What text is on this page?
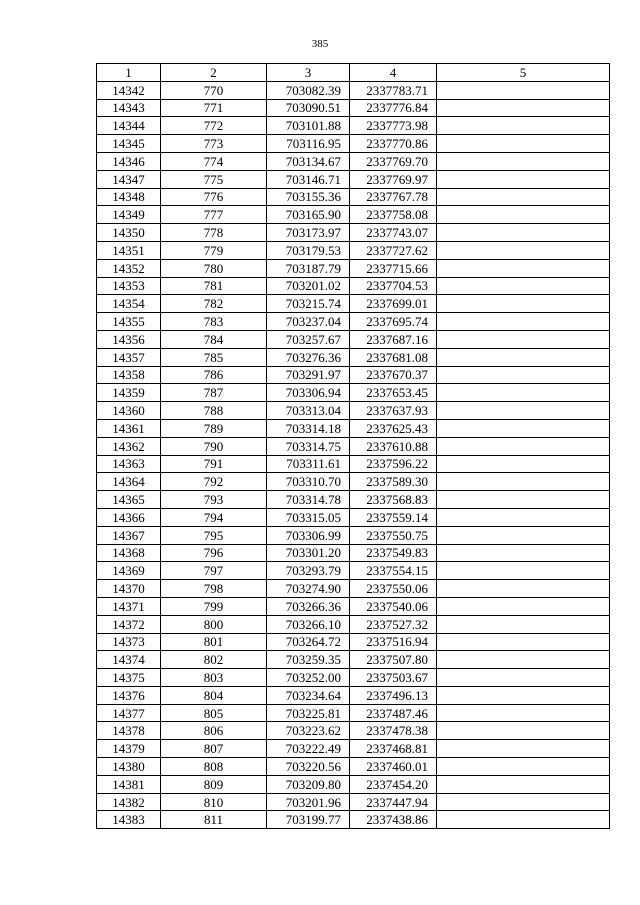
385
1	2	3	4	5
14342	770	703082.39	2337783.71	
14343	771	703090.51	2337776.84	
14344	772	703101.88	2337773.98	
14345	773	703116.95	2337770.86	
14346	774	703134.67	2337769.70	
14347	775	703146.71	2337769.97	
14348	776	703155.36	2337767.78	
14349	777	703165.90	2337758.08	
14350	778	703173.97	2337743.07	
14351	779	703179.53	2337727.62	
14352	780	703187.79	2337715.66	
14353	781	703201.02	2337704.53	
14354	782	703215.74	2337699.01	
14355	783	703237.04	2337695.74	
14356	784	703257.67	2337687.16	
14357	785	703276.36	2337681.08	
14358	786	703291.97	2337670.37	
14359	787	703306.94	2337653.45	
14360	788	703313.04	2337637.93	
14361	789	703314.18	2337625.43	
14362	790	703314.75	2337610.88	
14363	791	703311.61	2337596.22	
14364	792	703310.70	2337589.30	
14365	793	703314.78	2337568.83	
14366	794	703315.05	2337559.14	
14367	795	703306.99	2337550.75	
14368	796	703301.20	2337549.83	
14369	797	703293.79	2337554.15	
14370	798	703274.90	2337550.06	
14371	799	703266.36	2337540.06	
14372	800	703266.10	2337527.32	
14373	801	703264.72	2337516.94	
14374	802	703259.35	2337507.80	
14375	803	703252.00	2337503.67	
14376	804	703234.64	2337496.13	
14377	805	703225.81	2337487.46	
14378	806	703223.62	2337478.38	
14379	807	703222.49	2337468.81	
14380	808	703220.56	2337460.01	
14381	809	703209.80	2337454.20	
14382	810	703201.96	2337447.94	
14383	811	703199.77	2337438.86	
